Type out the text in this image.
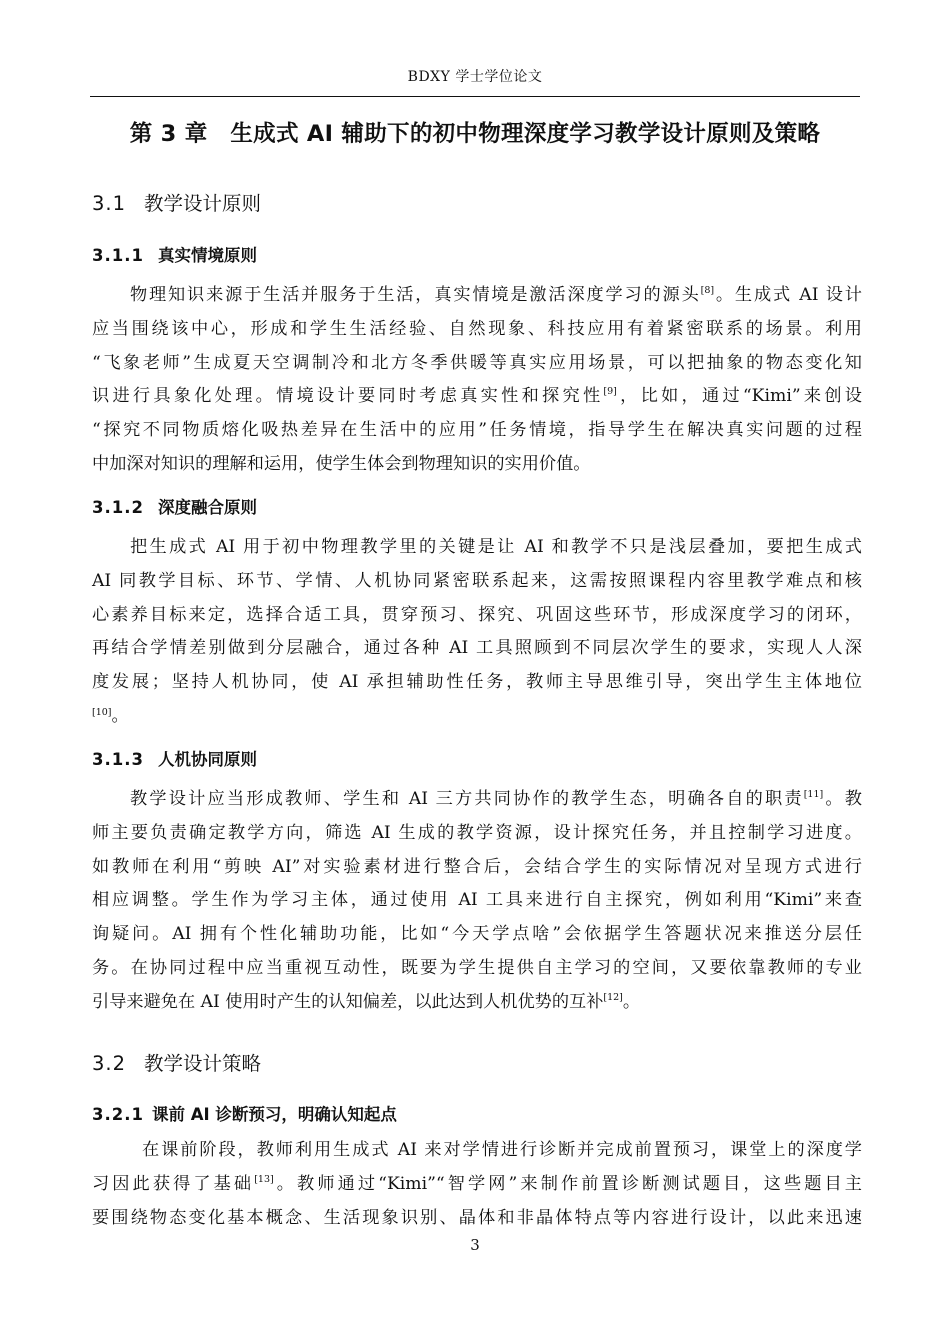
BDXY 学士学位论文
第 3 章　生成式 AI 辅助下的初中物理深度学习教学设计原则及策略
3.1 教学设计原则
3.1.1 真实情境原则
物理知识来源于生活并服务于生活，真实情境是激活深度学习的源头[8]。生成式 AI 设计
应当围绕该中心，形成和学生生活经验、自然现象、科技应用有着紧密联系的场景。利用
“飞象老师”生成夏天空调制冷和北方冬季供暖等真实应用场景，可以把抽象的物态变化知
识进行具象化处理。情境设计要同时考虑真实性和探究性[9]，比如，通过“Kimi”来创设
“探究不同物质熔化吸热差异在生活中的应用”任务情境，指导学生在解决真实问题的过程
中加深对知识的理解和运用，使学生体会到物理知识的实用价值。
3.1.2 深度融合原则
把生成式 AI 用于初中物理教学里的关键是让 AI 和教学不只是浅层叠加，要把生成式
AI 同教学目标、环节、学情、人机协同紧密联系起来，这需按照课程内容里教学难点和核
心素养目标来定，选择合适工具，贯穿预习、探究、巩固这些环节，形成深度学习的闭环，
再结合学情差别做到分层融合，通过各种 AI 工具照顾到不同层次学生的要求，实现人人深
度发展；坚持人机协同，使 AI 承担辅助性任务，教师主导思维引导，突出学生主体地位
[10]。
3.1.3 人机协同原则
教学设计应当形成教师、学生和 AI 三方共同协作的教学生态，明确各自的职责[11]。教
师主要负责确定教学方向，筛选 AI 生成的教学资源，设计探究任务，并且控制学习进度。
如教师在利用“剪映 AI”对实验素材进行整合后，会结合学生的实际情况对呈现方式进行
相应调整。学生作为学习主体，通过使用 AI 工具来进行自主探究，例如利用“Kimi”来查
询疑问。AI 拥有个性化辅助功能，比如“今天学点啥”会依据学生答题状况来推送分层任
务。在协同过程中应当重视互动性，既要为学生提供自主学习的空间，又要依靠教师的专业
引导来避免在 AI 使用时产生的认知偏差，以此达到人机优势的互补[12]。
3.2 教学设计策略
3.2.1 课前 AI 诊断预习，明确认知起点
在课前阶段，教师利用生成式 AI 来对学情进行诊断并完成前置预习，课堂上的深度学
习因此获得了基础[13]。教师通过“Kimi”“智学网”来制作前置诊断测试题目，这些题目主
要围绕物态变化基本概念、生活现象识别、晶体和非晶体特点等内容进行设计，以此来迅速
3
